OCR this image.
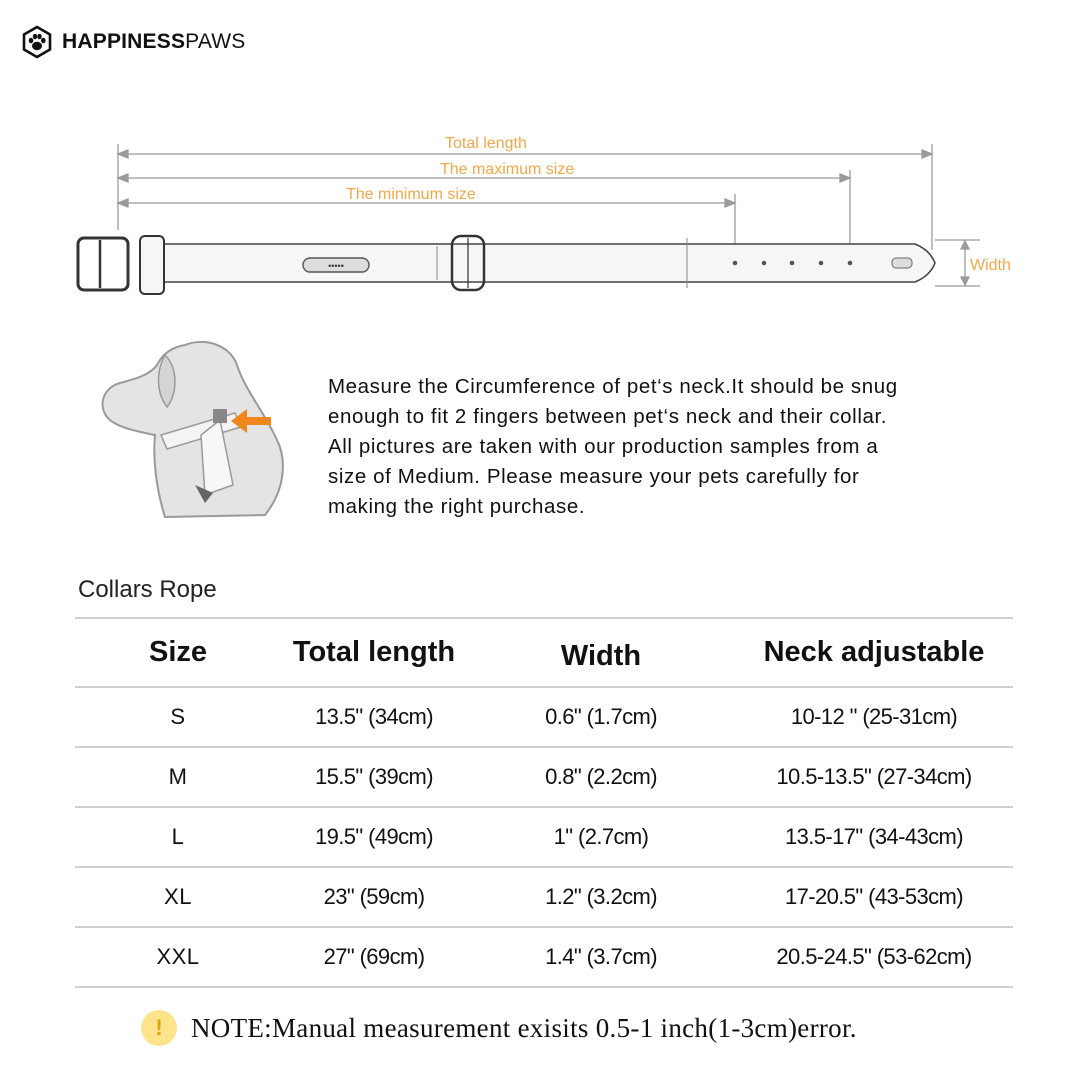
HAPPINESSPAWS
Total length
The maximum size
The minimum size
Width
•••••

Measure the Circumference of pet‘s neck.It should be snug

enough to fit 2 fingers between pet‘s neck and their collar.

All pictures are taken with our production samples from a

size of Medium. Please measure your pets carefully for

making the right purchase.

Collars Rope
Size	Total length	Width	Neck adjustable
S	13.5" (34cm)	0.6" (1.7cm)	10-12 " (25-31cm)
M	15.5" (39cm)	0.8" (2.2cm)	10.5-13.5" (27-34cm)
L	19.5" (49cm)	1" (2.7cm)	13.5-17" (34-43cm)
XL	23" (59cm)	1.2" (3.2cm)	17-20.5" (43-53cm)
XXL	27" (69cm)	1.4" (3.7cm)	20.5-24.5" (53-62cm)
!	NOTE:Manual measurement exisits 0.5-1 inch(1-3cm)error.
